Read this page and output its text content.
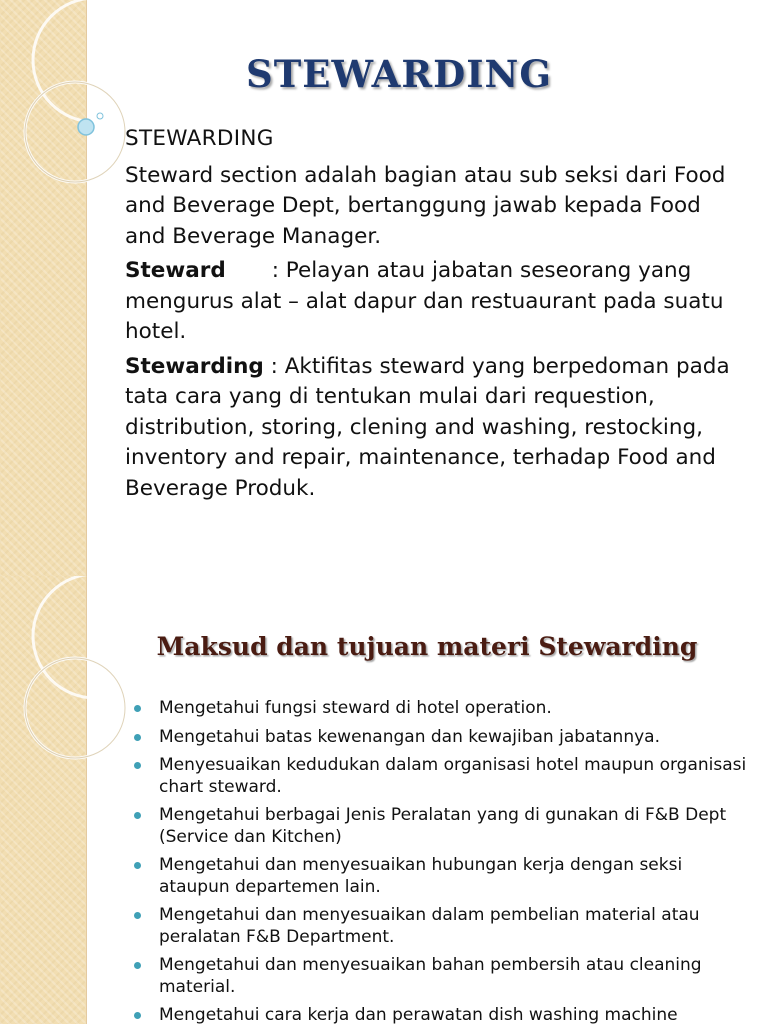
STEWARDING
STEWARDING

Steward section adalah bagian atau sub seksi dari Food and Beverage Dept, bertanggung jawab kepada Food and Beverage Manager.

Steward : Pelayan atau jabatan seseorang yang mengurus alat – alat dapur dan restuaurant pada suatu hotel.

Stewarding : Aktifitas steward yang berpedoman pada tata cara yang di tentukan mulai dari requestion, distribution, storing, clening and washing, restocking, inventory and repair, maintenance, terhadap Food and Beverage Produk.

Maksud dan tujuan materi Stewarding
Mengetahui fungsi steward di hotel operation.
Mengetahui batas kewenangan dan kewajiban jabatannya.
Menyesuaikan kedudukan dalam organisasi hotel maupun organisasi chart steward.
Mengetahui berbagai Jenis Peralatan yang di gunakan di F&B Dept (Service dan Kitchen)
Mengetahui dan menyesuaikan hubungan kerja dengan seksi ataupun departemen lain.
Mengetahui dan menyesuaikan dalam pembelian material atau peralatan F&B Department.
Mengetahui dan menyesuaikan bahan pembersih atau cleaning material.
Mengetahui cara kerja dan perawatan dish washing machine
